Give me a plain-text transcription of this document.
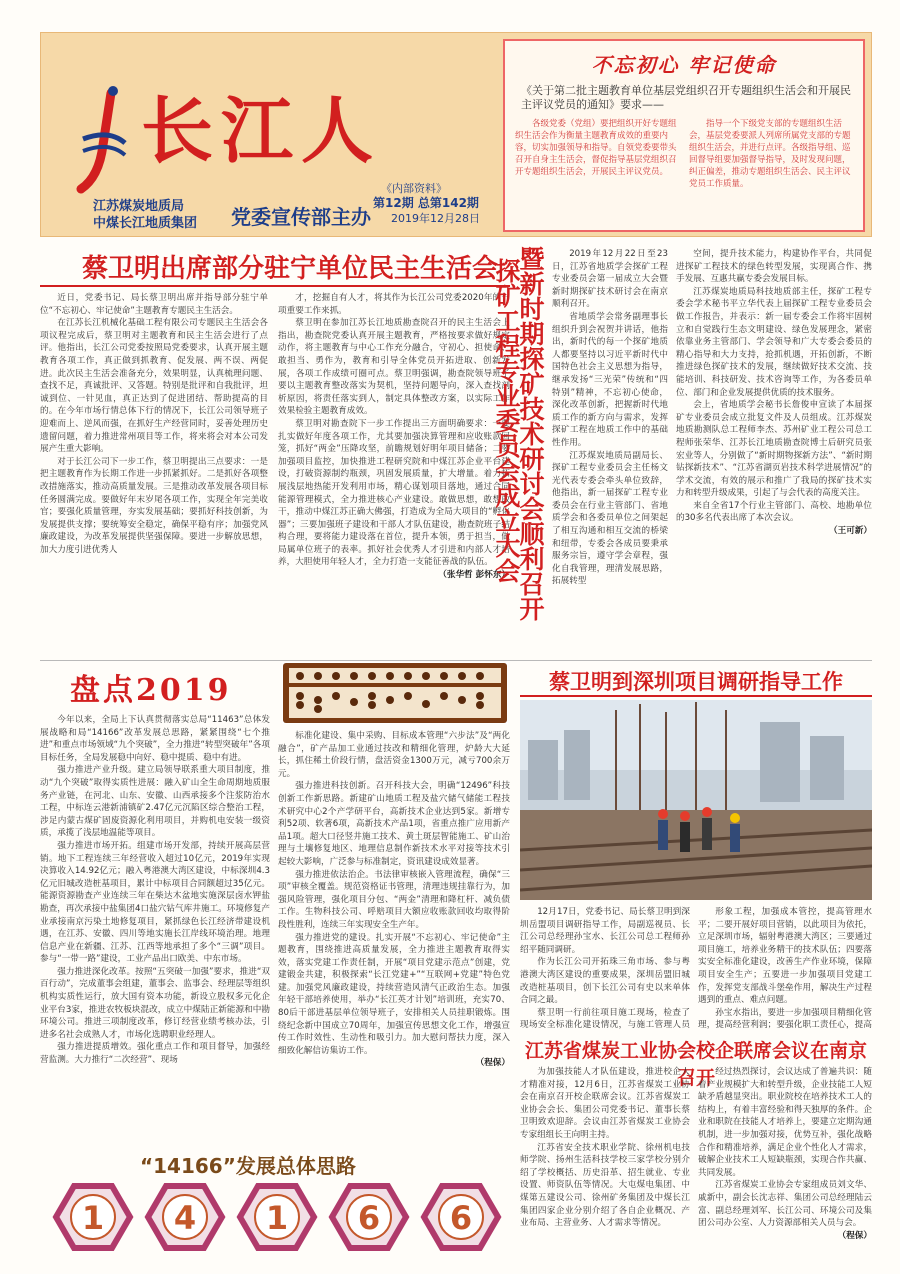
长江人
江苏煤炭地质局
中煤长江地质集团 党委宣传部主办
《内部资料》
第12期 总第142期
2019年12月28日
不忘初心 牢记使命
《关于第二批主题教育单位基层党组织召开专题组织生活会和开展民主评议党员的通知》要求——

各级党委（党组）要把组织开好专题组织生活会作为衡量主题教育成效的重要内容，切实加强领导和指导。自领党委要带头召开自身主生活会，督促指导基层党组织召开专题组织生活会，开展民主评议党员。

指导一个下级党支部的专题组织生活会，基层党委要派人列席所属党支部的专题组织生活会，并进行点评。各级指导组、巡回督导组要加强督导指导，及时发现问题，纠正偏差，推动专题组织生活会、民主评议党员工作质量。

蔡卫明出席部分驻宁单位民主生活会

近日，党委书记、局长蔡卫明出席并指导部分驻宁单位“不忘初心、牢记使命”主题教育专题民主生活会。

在江苏长江机械化基础工程有限公司专题民主生活会各项议程完成后，蔡卫明对主题教育和民主生活会进行了点评。他指出，长江公司党委按照局党委要求，认真开展主题教育各项工作，真正做到抓教育、促发展、两不误、两促进。此次民主生活会准备充分，效果明显，认真梳理问题、查找不足，真诚批评、又答题。特别是批评和自我批评，坦诚到位、一针见血，真正达到了促进团结、帮助提高的目的。在今年市场行情总体下行的情况下，长江公司领导班子迎难而上、逆风而强，在抓好生产经营同时，妥善处理历史遗留问题，着力推进常州项目等工作，将来将会对本公司发展产生重大影响。

对于长江公司下一步工作，蔡卫明提出三点要求：一是把主题教育作为长期工作进一步抓紧抓好。二是抓好各项整改措施落实，推动高质量发展。三是推动改革发展各项目标任务圆满完成。要做好年末岁尾各项工作，实现全年完美收官；要强化质量管理，夯实发展基础；要抓好科技创新，为发展提供支撑；要统筹安全稳定，确保平稳有序；加强党风廉政建设，为改革发展提供坚强保障。要进一步解放思想，加大力度引进优秀人

才，挖掘自有人才，将其作为长江公司党委2020年的一项重要工作来抓。

蔡卫明在参加江苏长江地质勘查院召开的民主生活会上指出，勘查院党委认真开展主题教育，严格按要求做好规定动作，将主题教育与中心工作充分融合，守初心、担使命、敢担当、勇作为，教育和引导全体党员开拓进取、创新发展，各项工作成绩可圈可点。蔡卫明强调，勘查院领导班子要以主题教育整改落实为契机，坚持问题导向，深入查找剖析原因，将责任落实到人，制定具体整改方案，以实际工作效果检验主题教育成效。

蔡卫明对勘查院下一步工作提出三方面明确要求：一要扎实做好年度各项工作，尤其要加强决算管理和应收账款回笼，抓好“两金”压降攻坚，前瞻规划好明年项目储备；二要加强项目监控，加快推进工程研究院和中煤江苏企业平台建设，打破资源制约瓶颈，巩固发展质量，扩大增量。着力拓展浅层地热能开发利用市场，精心谋划项目落地，通过合同能源管理模式，全力推进核心产业建设。敢做思想，敢想敢干，推动中煤江苏正确大佛强，打造成为全局大项目的“孵化器”；三要加强班子建设和干部人才队伍建设，勘查院班子结构合理，要将能力建设落在首位，提升本领，勇于担当，做局属单位班子的表率。抓好社会优秀人才引进和内部人才培养，大胆使用年轻人才，全力打造一支能征善战的队伍。

（张华哲 彭怀东） 暨新时期探矿技术研讨会顺利召开
探矿工程专业委员会成立大会

2019年12月22日至23日，江苏省地质学会探矿工程专业委员会第一届成立大会暨新时期探矿技术研讨会在南京顺利召开。

省地质学会常务副理事长组织升到会祝贺并讲话，他指出，新时代的每一个探矿地质人都要坚持以习近平新时代中国特色社会主义思想为指导，继承发扬“三光荣”传统和“四特别”精神，不忘初心使命，深化改革创新，把握新时代地质工作的新方向与需求，发挥探矿工程在地质工作中的基础性作用。

江苏煤炭地质局副局长、探矿工程专业委员会主任杨文光代表专委会牵头单位致辞，他指出，新一届探矿工程专业委员会在行业主管部门、省地质学会和各委员单位之间架起了相互沟通和相互交流的桥梁和纽带，专委会各成员要秉承服务宗旨，遵守学会章程，强化自我管理，理清发展思路，拓展转型

空间，提升技术能力，构建协作平台，共同促进探矿工程技术的绿色转型发展，实现离合作、携手发展、互惠共赢专委会发展目标。

江苏煤炭地质局科技地质部主任，探矿工程专委会学术秘书平立华代表上届探矿工程专业委员会做工作报告，并表示：新一届专委会工作将牢固树立和自觉践行生态文明建设、绿色发展理念，紧密依靠业务主管部门、学会领导和广大专委会委员的精心指导和大力支持，抢抓机遇，开拓创新，不断推进绿色探矿技术的发展，继续做好技术交流、技能培训、科技研发、技术咨询等工作，为各委员单位、部门和企业发展提供优质的技术服务。

会上，省地质学会秘书长詹俊申宣读了本届探矿专业委员会成立批复文件及人员组成。江苏煤炭地质勘测队总工程师李杰、苏州矿业工程公司总工程师张荣华、江苏长江地质勘查院博士后研究员张宏业等人，分别做了“新时期物探新方法”、“新时期钻探新技术”、“江苏省湖页岩技术科学进展情况”的学术交流，有效的展示和推广了我局的探矿技术实力和转型升级成果，引起了与会代表的高度关注。

来自全省17个行业主管部门、高校、地勘单位的30多名代表出席了本次会议。

（王可新）

盘点2019

今年以来，全局上下认真贯彻落实总局“11463”总体发展战略和局“14166”改革发展总思路，紧紧围绕“七个推进”和重点市场领域“九个突破”，全力推进“转型突破年”各项目标任务，全局发展稳中向好、稳中提质、稳中有进。

强力推进产业升级。建立局领导联系重大项目制度，推动“九个突破”取得实质性进展：融入矿山全生命周期地质服务产业链，在河北、山东、安徽、山西承接多个注浆防治水工程，中标连云港新浦镇矿2.47亿元沉陷区综合整治工程，涉足内蒙古煤矿固废资源化利用项目，并购机电安装一级资质，承揽了浅层地温能等项目。

强力推进市场开拓。组建市场开发部，持续开展高层营销。地下工程连续三年经营收入超过10亿元，2019年实现决算收入14.92亿元；融入粤港澳大湾区建设，中标深圳4.3亿元旧城改造桩基项目，累计中标项目合同额超过35亿元。能源资源勘查产业连续三年在柴达木盆地实施深层卤水钾盐勘查，再次承接中盐集团4口盐穴钻气库井施工。环境修复产业承接南京污染土地修复项目，紧抓绿色长江经济带建设机遇，在江苏、安徽、四川等地实施长江岸线环境治理。地理信息产业在新疆、江苏、江西等地承担了多个“三调”项目。参与“一带一路”建设，工业产品出口欧美、中东市场。

强力推进深化改革。按照“五突破一加强”要求，推进“双百行动”，完成董事会组建，董事会、监事会、经理层等组织机构实质性运行，放大国有资本功能，新设立股权多元化企业平台3家，推进农牧板块混改，成立中煤陆正新能源和中勘环境公司。推进三项制度改革，修订经营业绩考核办法，引进多名社会成熟人才，市场化选聘职业经理人。

强力推进提质增效。强化重点工作和项目督导，加强经营监测。大力推行“二次经营”、现场

标准化建设、集中采购、目标成本管理“六步法”及“两化融合”，矿产品加工业通过技改和精细化管理，炉龄大大延长，抓住稀土价段行情，盘活资金1300万元，减亏700余万元。

强力推进科技创新。召开科技大会，明确“12496”科技创新工作新思路。新建矿山地质工程及盐穴储气储能工程技术研究中心2个产学研平台，高新技术企业达到5家。新增专利52项、软著6项，高新技术产品1项，省重点推广应用新产品1项。超大口径竖井施工技术、黄土斑层智能施工、矿山治理与土壤修复地区、地理信息制作新技术水平对接等技术引起较大影响，广泛参与标准制定，资讯建设成效显著。

强力推进依法治企。书法律审核嵌入管理流程，确保“三项”审核全覆盖。规范资格证书管理，清理违规挂靠行为，加强风险管理，强化项目分包、“两金”清理和降杠杆、减负债工作。生物科技公司、呼赔项目大额应收账款回收均取得阶段性胜利，连续三年实现安全生产年。

强力推进党的建设。扎实开展“不忘初心、牢记使命”主题教育，围绕推进高质量发展，全力推进主题教育取得实效，落实党建工作责任制，开展“项目党建示范点”创建，党建锻金共建，积极探索“长江党建+”“互联网+党建”特色党建。加强党风廉政建设，持续营造风清气正政治生态。加强年轻干部培养使用，举办“长江英才计划”培训班，充实70、80后干部进基层单位领导班子，安排相关人员挂职锻炼。围绕纪念新中国成立70周年，加强宣传思想文化工作，增强宣传工作时效性、生动性和吸引力。加大慰问帮扶力度，深入细致化解信访集访工作。

（程保）

“14166”发展总体思路
1 4 1 6 6
蔡卫明到深圳项目调研指导工作

12月17日，党委书记、局长蔡卫明到深圳岳盟项目调研指导工作，局副巡视员、长江公司总经理孙宝水、长江公司总工程师孙绍平随同调研。

作为长江公司开拓珠三角市场、参与粤港澳大湾区建设的重要成果，深圳岳盟旧城改造桩基项目，创下长江公司有史以来单体合同之最。

蔡卫明一行前往项目施工现场，检查了现场安全标准化建设情况，与施工管理人员

形象工程，加强成本管控，提高管理水平；二要开展好项目营销，以此项目为依托，立足深圳市场，辐射粤港澳大湾区；三要通过项目施工，培养业务精干的技术队伍；四要落实安全标准化建设，改善生产作业环境，保障项目安全生产；五要进一步加强项目党建工作，发挥党支部战斗堡垒作用，解决生产过程遇到的重点、难点问题。

孙宝水指出，要进一步加强项目精细化管理，提高经营利润；要强化职工责任心，提高

江苏省煤炭工业协会校企联席会议在南京召开

为加强技能人才队伍建设，推进校企人才精准对接，12月6日，江苏省煤炭工业协会在南京召开校企联席会议。江苏省煤炭工业协会会长、集团公司党委书记、董事长蔡卫明致欢迎辞。会议由江苏省煤炭工业协会专家组组长王向明主持。

江苏省安全技术职业学院、徐州机电技师学院、扬州生活科技学校三家学校分别介绍了学校概括、历史沿革、招生就业、专业设置、师资队伍等情况。大屯煤电集团、中煤第五建设公司、徐州矿务集团及中煤长江集团四家企业分别介绍了各自企业概况、产业布局、主营业务、人才需求等情况。

经过热烈探讨，会议达成了普遍共识：随着产业规模扩大和转型升级，企业技能工人短缺矛盾越显突出。职业院校在培养技术工人的结构上，有着丰富经验和得天独厚的条件。企业和职院在技能人才培养上，要建立定期沟通机制，进一步加强对接，优势互补，强化战略合作和精准培养，满足企业个性化人才需求，破解企业技术工人短缺瓶颈，实现合作共赢、共同发展。

江苏省煤炭工业协会专家组成员刘文华、戚新中，副会长沈志祥、集团公司总经理陆云富、副总经理刘军、长江公司、环境公司及集团公司办公室、人力资源部相关人员与会。

（程保）
